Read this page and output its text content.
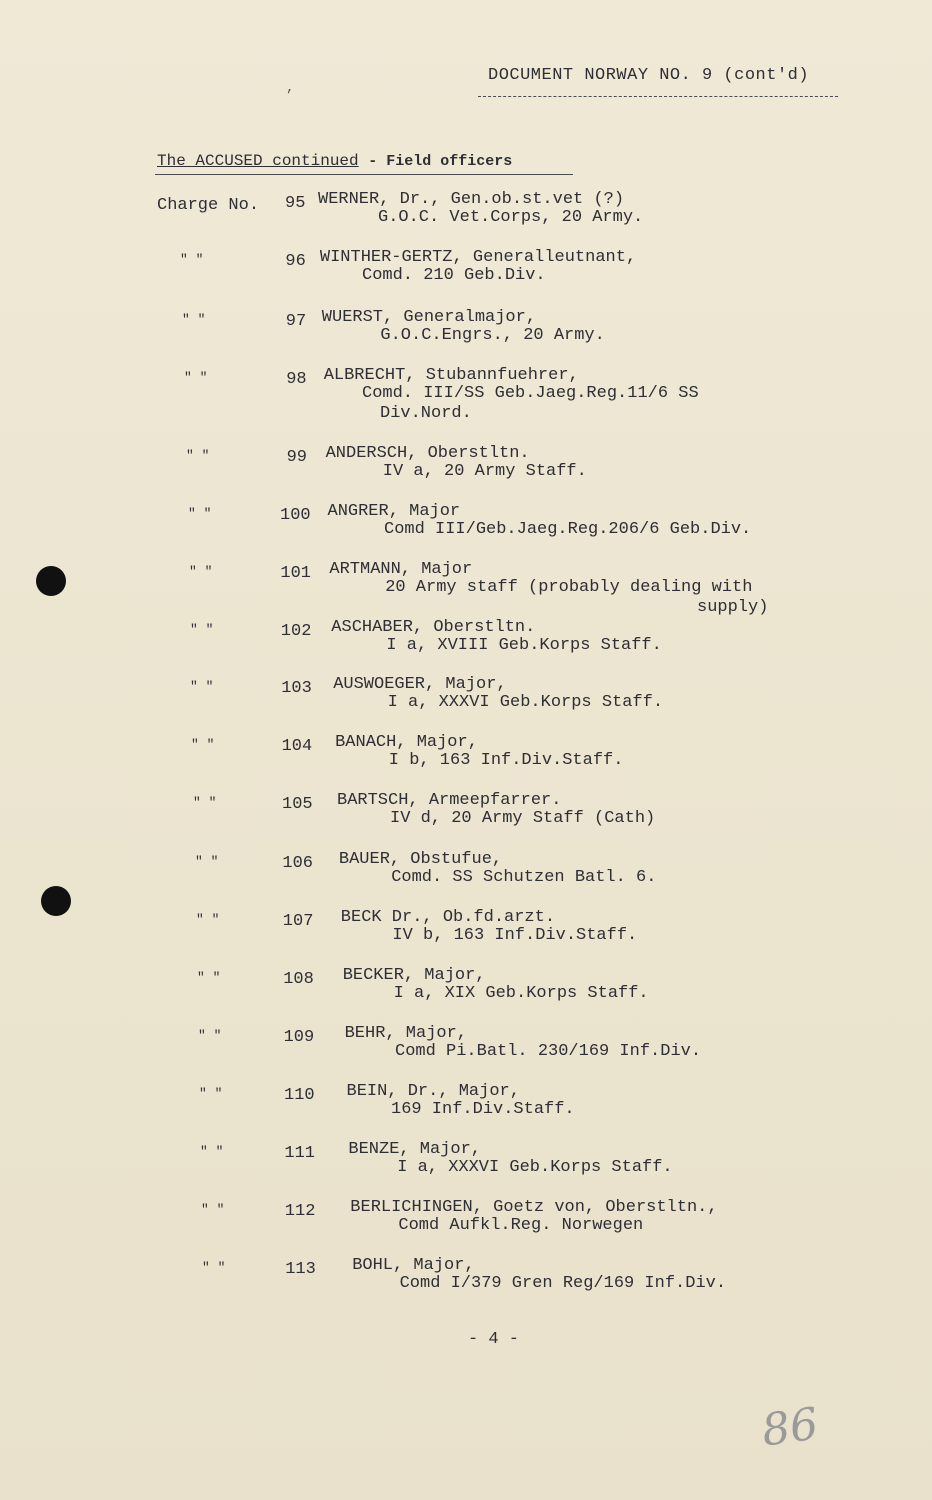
,
DOCUMENT NORWAY NO. 9 (cont'd)
The ACCUSED continued - Field officers
Charge No. 95 WERNER, Dr., Gen.ob.st.vet (?)
G.O.C. Vet.Corps, 20 Army.
" "	96 WINTHER-GERTZ, Generalleutnant,
Comd. 210 Geb.Div.
" "	97 WUERST, Generalmajor,
G.O.C.Engrs., 20 Army.
" "	98 ALBRECHT, Stubannfuehrer,
Comd. III/SS Geb.Jaeg.Reg.11/6 SS
Div.Nord.
" "	99 ANDERSCH, Oberstltn.
IV a, 20 Army Staff.
" "	100 ANGRER, Major
Comd III/Geb.Jaeg.Reg.206/6 Geb.Div.
" "	101 ARTMANN, Major
20 Army staff (probably dealing with
supply)
" "	102 ASCHABER, Oberstltn.
I a, XVIII Geb.Korps Staff.
" "	103 AUSWOEGER, Major,
I a, XXXVI Geb.Korps Staff.
" "	104 BANACH, Major,
I b, 163 Inf.Div.Staff.
" "	105 BARTSCH, Armeepfarrer.
IV d, 20 Army Staff (Cath)
" "	106 BAUER, Obstufue,
Comd. SS Schutzen Batl. 6.
" "	107 BECK Dr., Ob.fd.arzt.
IV b, 163 Inf.Div.Staff.
" "	108 BECKER, Major,
I a, XIX Geb.Korps Staff.
" "	109 BEHR, Major,
Comd Pi.Batl. 230/169 Inf.Div.
" "	110 BEIN, Dr., Major,
169 Inf.Div.Staff.
" "	111 BENZE, Major,
I a, XXXVI Geb.Korps Staff.
" "	112 BERLICHINGEN, Goetz von, Oberstltn.,
Comd Aufkl.Reg. Norwegen
" "	113 BOHL, Major,
Comd I/379 Gren Reg/169 Inf.Div.
- 4 -
86
